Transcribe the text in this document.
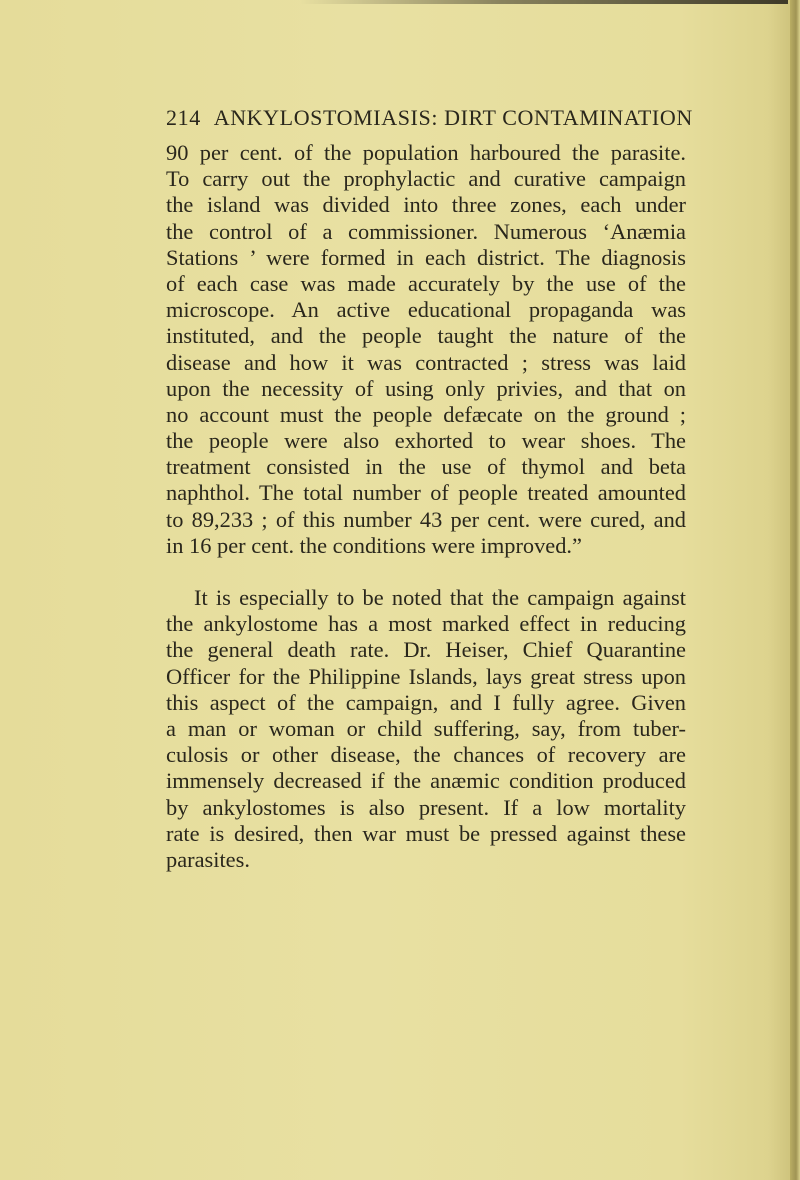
214 ANKYLOSTOMIASIS: DIRT CONTAMINATION
90 per cent. of the population harboured the parasite.
To carry out the prophylactic and curative campaign
the island was divided into three zones, each under
the control of a commissioner. Numerous ‘Anæmia
Stations ’ were formed in each district. The diagnosis
of each case was made accurately by the use of the
microscope. An active educational propaganda was
instituted, and the people taught the nature of the
disease and how it was contracted ; stress was laid
upon the necessity of using only privies, and that on
no account must the people defæcate on the ground ;
the people were also exhorted to wear shoes. The
treatment consisted in the use of thymol and beta
naphthol. The total number of people treated amounted
to 89,233 ; of this number 43 per cent. were cured, and
in 16 per cent. the conditions were improved.”
It is especially to be noted that the campaign against
the ankylostome has a most marked effect in reducing
the general death rate. Dr. Heiser, Chief Quarantine
Officer for the Philippine Islands, lays great stress upon
this aspect of the campaign, and I fully agree. Given
a man or woman or child suffering, say, from tuber-
culosis or other disease, the chances of recovery are
immensely decreased if the anæmic condition produced
by ankylostomes is also present. If a low mortality
rate is desired, then war must be pressed against these
parasites.
